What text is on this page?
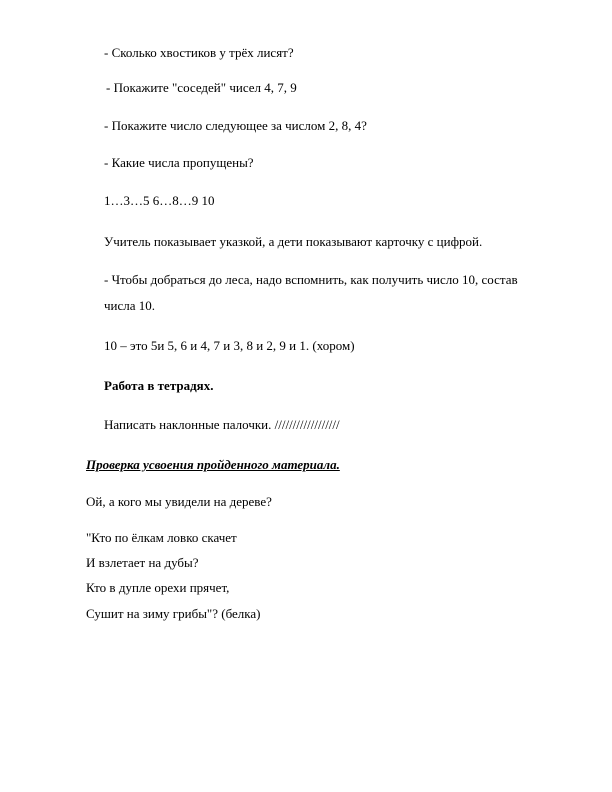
- Сколько хвостиков у трёх лисят?
- Покажите "соседей" чисел 4, 7, 9
- Покажите число следующее за числом 2, 8, 4?
- Какие числа пропущены?
1…3…5 6…8…9 10
Учитель показывает указкой, а дети показывают карточку с цифрой.
- Чтобы добраться до леса, надо вспомнить, как получить число 10, состав
числа 10.
10 – это 5и 5, 6 и 4, 7 и 3, 8 и 2, 9 и 1. (хором)
Работа в тетрадях.
Написать наклонные палочки. //////////////////
Проверка усвоения пройденного материала.
Ой, а кого мы увидели на дереве?
"Кто по ёлкам ловко скачет
И взлетает на дубы?
Кто в дупле орехи прячет,
Сушит на зиму грибы"? (белка)
